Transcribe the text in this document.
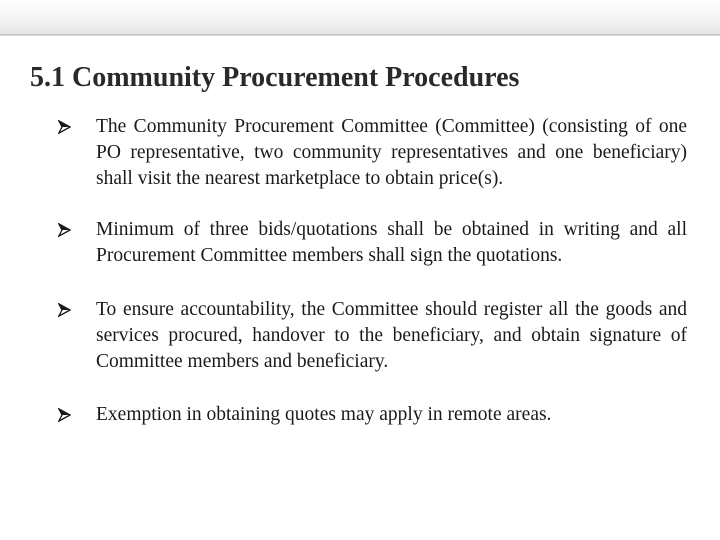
5.1 Community Procurement Procedures

The Community Procurement Committee (Committee) (consisting of one PO representative, two community representatives and one beneficiary) shall visit the nearest marketplace to obtain price(s).

Minimum of three bids/quotations shall be obtained in writing and all Procurement Committee members shall sign the quotations.

To ensure accountability, the Committee should register all the goods and services procured, handover to the beneficiary, and obtain signature of Committee members and beneficiary.

Exemption in obtaining quotes may apply in remote areas.
